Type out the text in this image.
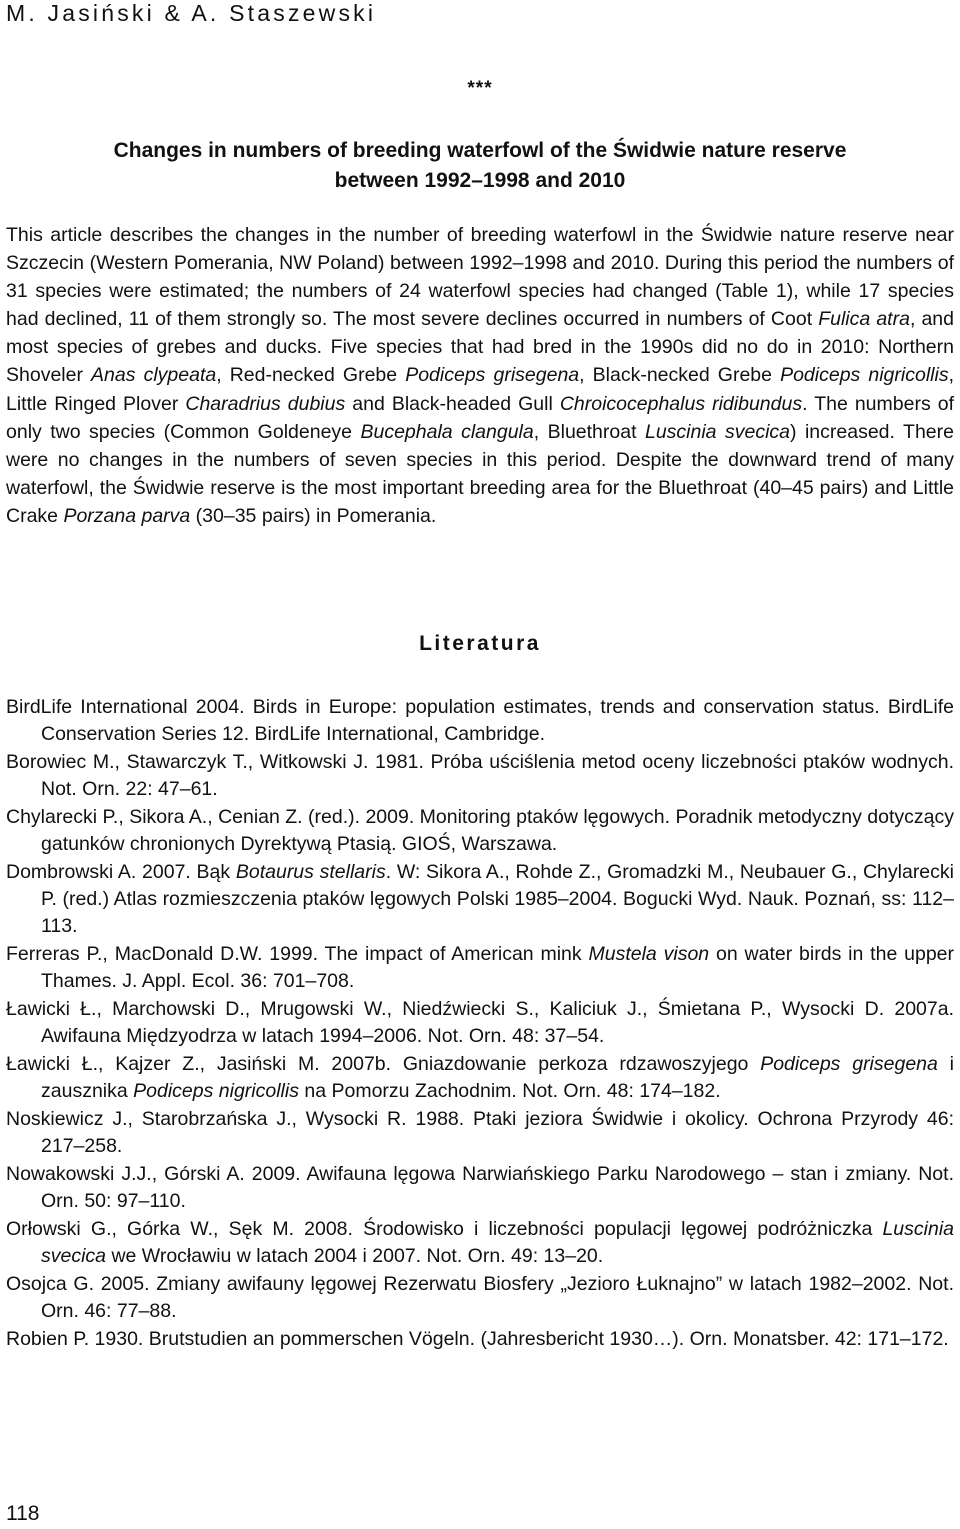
M. Jasiński & A. Staszewski
***
Changes in numbers of breeding waterfowl of the Świdwie nature reserve
between 1992–1998 and 2010

This article describes the changes in the number of breeding waterfowl in the Świdwie nature reserve near Szczecin (Western Pomerania, NW Poland) between 1992–1998 and 2010. During this period the numbers of 31 species were estimated; the numbers of 24 waterfowl species had changed (Table 1), while 17 species had declined, 11 of them strongly so. The most severe declines occurred in numbers of Coot Fulica atra, and most species of grebes and ducks. Five species that had bred in the 1990s did no do in 2010: Northern Shoveler Anas clypeata, Red-necked Grebe Podiceps grisegena, Black-necked Grebe Podiceps nigricollis, Little Ringed Plover Charadrius dubius and Black-headed Gull Chroicocephalus ridibundus. The numbers of only two species (Common Goldeneye Bucephala clangula, Bluethroat Luscinia svecica) increased. There were no changes in the numbers of seven species in this period. Despite the downward trend of many waterfowl, the Świdwie reserve is the most important breeding area for the Bluethroat (40–45 pairs) and Little Crake Porzana parva (30–35 pairs) in Pomerania.

Literatura
BirdLife International 2004. Birds in Europe: population estimates, trends and conservation status. BirdLife Conservation Series 12. BirdLife International, Cambridge.
Borowiec M., Stawarczyk T., Witkowski J. 1981. Próba uściślenia metod oceny liczebności ptaków wodnych. Not. Orn. 22: 47–61.
Chylarecki P., Sikora A., Cenian Z. (red.). 2009. Monitoring ptaków lęgowych. Poradnik metodyczny dotyczący gatunków chronionych Dyrektywą Ptasią. GIOŚ, Warszawa.
Dombrowski A. 2007. Bąk Botaurus stellaris. W: Sikora A., Rohde Z., Gromadzki M., Neubauer G., Chylarecki P. (red.) Atlas rozmieszczenia ptaków lęgowych Polski 1985–2004. Bogucki Wyd. Nauk. Poznań, ss: 112–113.
Ferreras P., MacDonald D.W. 1999. The impact of American mink Mustela vison on water birds in the upper Thames. J. Appl. Ecol. 36: 701–708.
Ławicki Ł., Marchowski D., Mrugowski W., Niedźwiecki S., Kaliciuk J., Śmietana P., Wysocki D. 2007a. Awifauna Międzyodrza w latach 1994–2006. Not. Orn. 48: 37–54.
Ławicki Ł., Kajzer Z., Jasiński M. 2007b. Gniazdowanie perkoza rdzawoszyjego Podiceps grisegena i zausznika Podiceps nigricollis na Pomorzu Zachodnim. Not. Orn. 48: 174–182.
Noskiewicz J., Starobrzańska J., Wysocki R. 1988. Ptaki jeziora Świdwie i okolicy. Ochrona Przyrody 46: 217–258.
Nowakowski J.J., Górski A. 2009. Awifauna lęgowa Narwiańskiego Parku Narodowego – stan i zmiany. Not. Orn. 50: 97–110.
Orłowski G., Górka W., Sęk M. 2008. Środowisko i liczebności populacji lęgowej podróżniczka Luscinia svecica we Wrocławiu w latach 2004 i 2007. Not. Orn. 49: 13–20.
Osojca G. 2005. Zmiany awifauny lęgowej Rezerwatu Biosfery „Jezioro Łuknajno” w latach 1982–2002. Not. Orn. 46: 77–88.
Robien P. 1930. Brutstudien an pommerschen Vögeln. (Jahresbericht 1930…). Orn. Monatsber. 42: 171–172.
118
